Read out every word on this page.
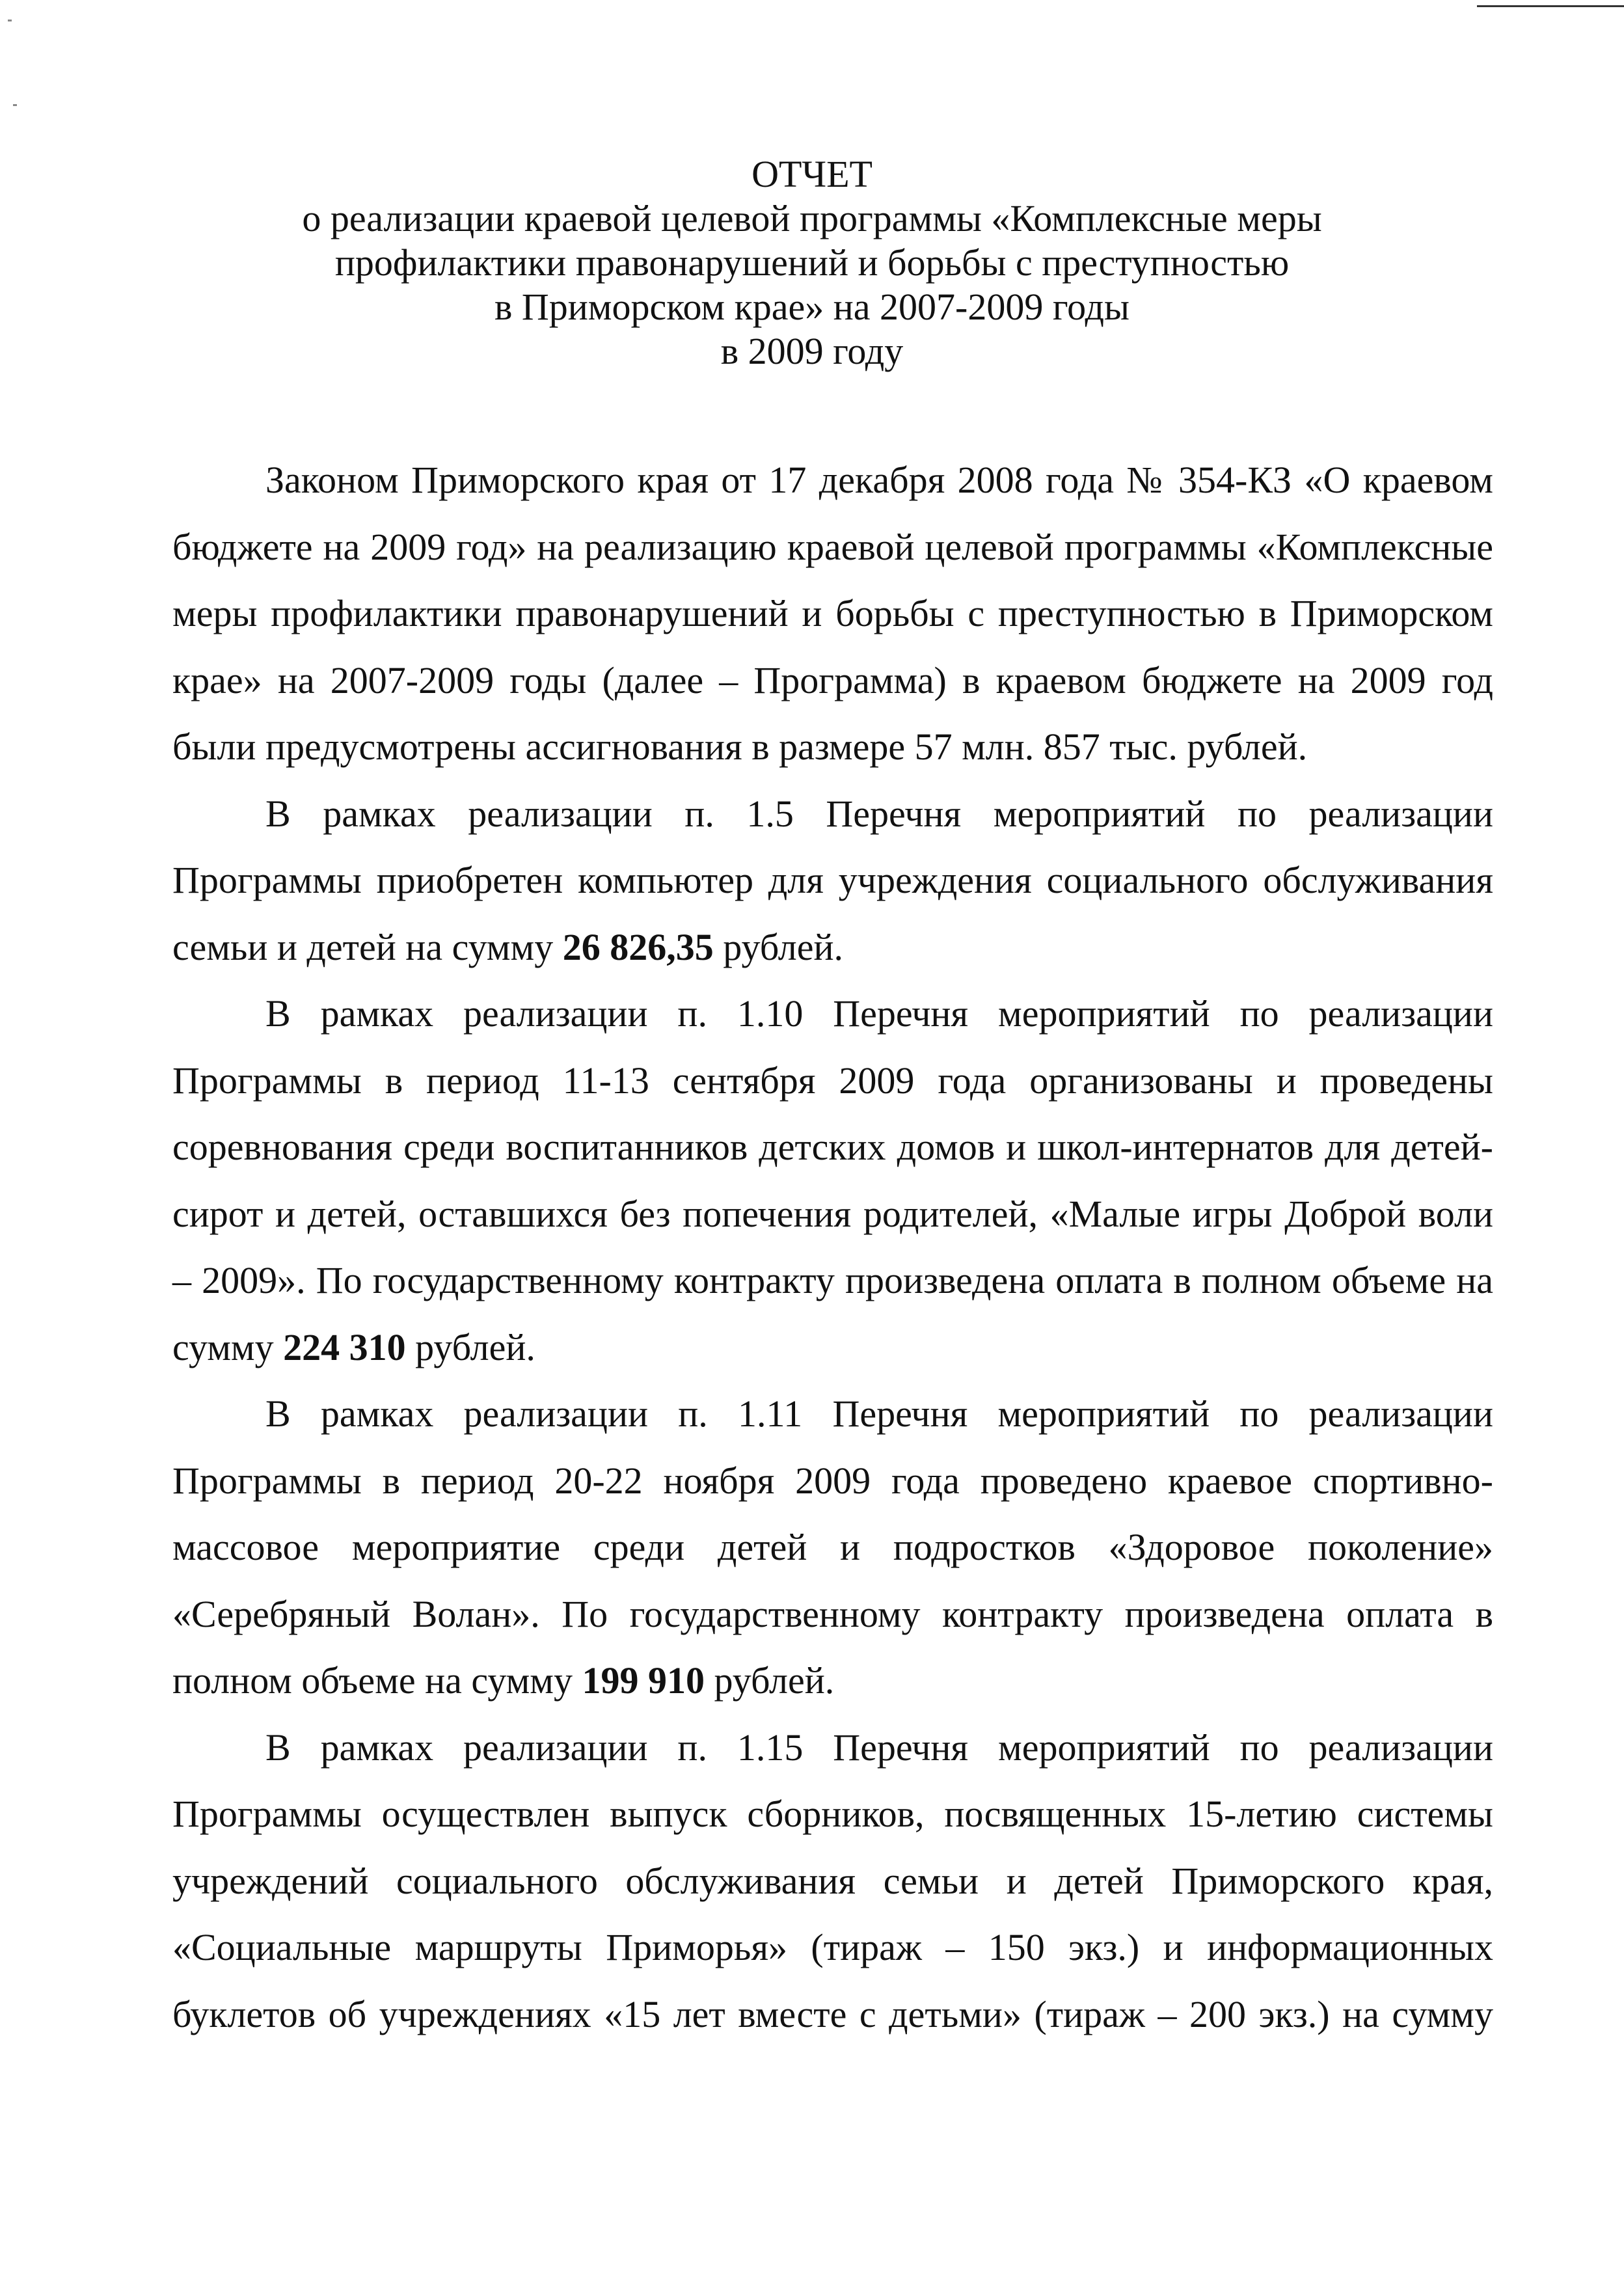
ОТЧЕТ
о реализации краевой целевой программы «Комплексные меры
профилактики правонарушений и борьбы с преступностью
в Приморском крае» на 2007-2009 годы
в 2009 году

Законом Приморского края от 17 декабря 2008 года № 354-КЗ «О краевом бюджете на 2009 год» на реализацию краевой целевой программы «Комплексные меры профилактики правонарушений и борьбы с преступностью в Приморском крае» на 2007-2009 годы (далее – Программа) в краевом бюджете на 2009 год были предусмотрены ассигнования в размере 57 млн. 857 тыс. рублей.

В рамках реализации п. 1.5 Перечня мероприятий по реализации Программы приобретен компьютер для учреждения социального обслуживания семьи и детей на сумму 26 826,35 рублей.

В рамках реализации п. 1.10 Перечня мероприятий по реализации Программы в период 11-13 сентября 2009 года организованы и проведены соревнования среди воспитанников детских домов и школ-интернатов для детей-сирот и детей, оставшихся без попечения родителей, «Малые игры Доброй воли – 2009». По государственному контракту произведена оплата в полном объеме на сумму 224 310 рублей.

В рамках реализации п. 1.11 Перечня мероприятий по реализации Программы в период 20-22 ноября 2009 года проведено краевое спортивно-массовое мероприятие среди детей и подростков «Здоровое поколение» «Серебряный Волан». По государственному контракту произведена оплата в полном объеме на сумму 199 910 рублей.

В рамках реализации п. 1.15 Перечня мероприятий по реализации Программы осуществлен выпуск сборников, посвященных 15-летию системы учреждений социального обслуживания семьи и детей Приморского края, «Социальные маршруты Приморья» (тираж – 150 экз.) и информационных буклетов об учреждениях «15 лет вместе с детьми» (тираж – 200 экз.) на сумму
